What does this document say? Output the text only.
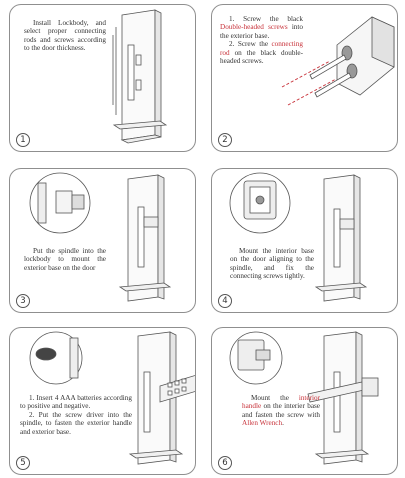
Install Lockbody, and select proper connecting rods and screws according to the door thickness.

1

1. Screw the black Double-headed screws into the exterior base.

2. Screw the connecting rod on the black double-headed screws.

2

Put the spindle into the lockbody to mount the exterior base on the door

3

Mount the interior base on the door aligning to the spindle, and fix the connecting screws tightly.

4

1. Insert 4 AAA batteries according to positive and negative.

2. Put the screw driver into the spindle, to fasten the exterior handle and exterior base.

5

Mount the interior handle on the interier base and fasten the screw with Allen Wrench.

6
